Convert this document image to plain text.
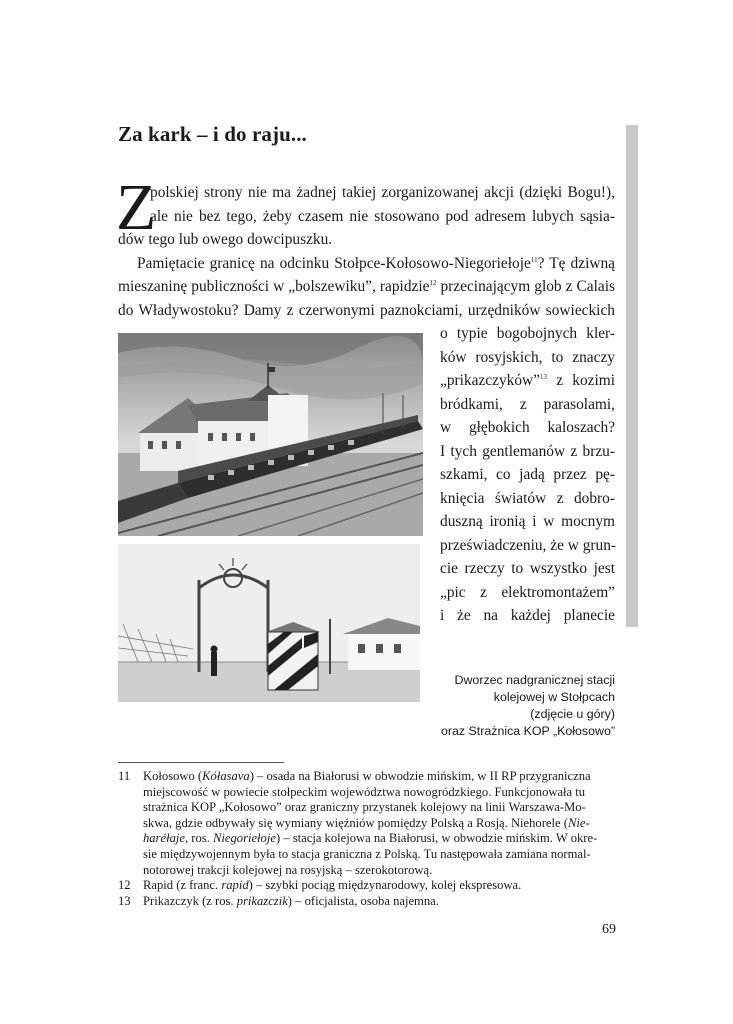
Za kark – i do raju...
Z
polskiej strony nie ma żadnej takiej zorganizowanej akcji (dzięki Bogu!),
ale nie bez tego, żeby czasem nie stosowano pod adresem lubych sąsia-
dów tego lub owego dowcipuszku.
Pamiętacie granicę na odcinku Stołpce-Kołosowo-Niegoriełoje$^{11}$? Tę dziwną
mieszaninę publiczności w „bolszewiku”, rapidzie$^{12}$ przecinającym glob z Calais
do Władywostoku? Damy z czerwonymi paznokciami, urzędników sowieckich
o typie bogobojnych kler-
ków rosyjskich, to znaczy
„prikazczyków”$^{13}$ z kozimi
bródkami, z parasolami,
w głębokich kaloszach?
I tych gentlemanów z brzu-
szkami, co jadą przez pę-
knięcia światów z dobro-
duszną ironią i w mocnym
przeświadczeniu, że w grun-
cie rzeczy to wszystko jest
„pic z elektromontażem”
i że na każdej planecie
Dworzec nadgranicznej stacji
kolejowej w Stołpcach
(zdjęcie u góry)
oraz Strażnica KOP „Kołosowo”
11 Kołosowo (Kółasava) – osada na Białorusi w obwodzie mińskim, w II RP przygraniczna
miejscowość w powiecie stołpeckim województwa nowogródzkiego. Funkcjonowała tu
strażnica KOP „Kołosowo” oraz graniczny przystanek kolejowy na linii Warszawa-Mo-
skwa, gdzie odbywały się wymiany więźniów pomiędzy Polską a Rosją. Niehorele (Nie-
haréłaje, ros. Niegoriełoje) – stacja kolejowa na Białorusi, w obwodzie mińskim. W okre-
sie międzywojennym była to stacja graniczna z Polską. Tu następowała zamiana normal-
notorowej trakcji kolejowej na rosyjską – szerokotorową.
12 Rapid (z franc. rapid) – szybki pociąg międzynarodowy, kolej ekspresowa.
13 Prikazczyk (z ros. prikazczik) – oficjalista, osoba najemna.
69
